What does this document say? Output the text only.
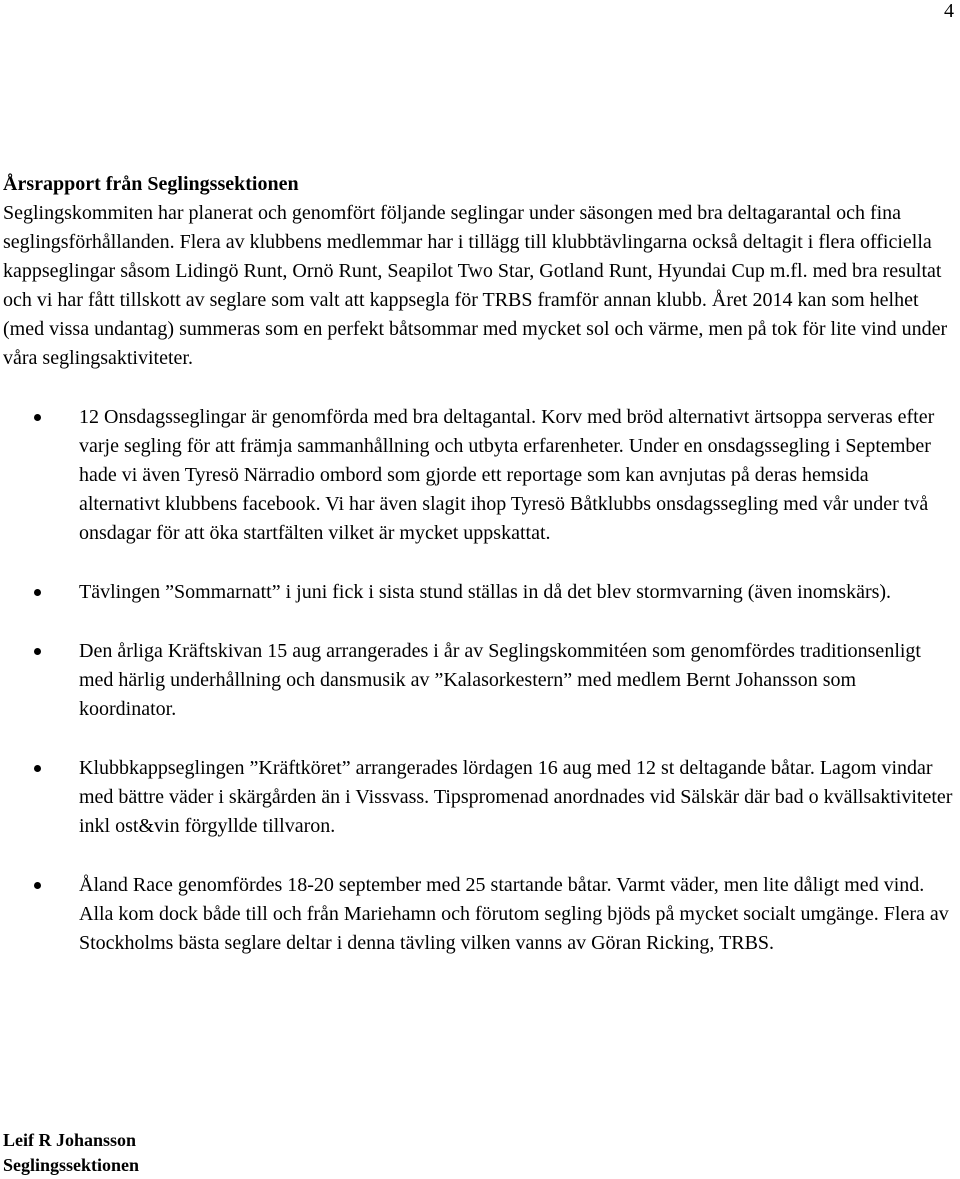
4

Årsrapport från Seglingssektionen

Seglingskommiten har planerat och genomfört följande seglingar under säsongen med bra deltagarantal och fina seglingsförhållanden. Flera av klubbens medlemmar har i tillägg till klubbtävlingarna också deltagit i flera officiella kappseglingar såsom Lidingö Runt, Ornö Runt, Seapilot Two Star, Gotland Runt, Hyundai Cup m.fl. med bra resultat och vi har fått tillskott av seglare som valt att kappsegla för TRBS framför annan klubb. Året 2014 kan som helhet (med vissa undantag) summeras som en perfekt båtsommar med mycket sol och värme, men på tok för lite vind under våra seglingsaktiviteter.

12 Onsdagsseglingar är genomförda med bra deltagantal. Korv med bröd alternativt ärtsoppa serveras efter varje segling för att främja sammanhållning och utbyta erfarenheter. Under en onsdagssegling i September hade vi även Tyresö Närradio ombord som gjorde ett reportage som kan avnjutas på deras hemsida alternativt klubbens facebook. Vi har även slagit ihop Tyresö Båtklubbs onsdagssegling med vår under två onsdagar för att öka startfälten vilket är mycket uppskattat.
Tävlingen ”Sommarnatt” i juni fick i sista stund ställas in då det blev stormvarning (även inomskärs).
Den årliga Kräftskivan 15 aug arrangerades i år av Seglingskommitéen som genomfördes traditionsenligt med härlig underhållning och dansmusik av ”Kalasorkestern” med medlem Bernt Johansson som koordinator.
Klubbkappseglingen ”Kräftköret” arrangerades lördagen 16 aug med 12 st deltagande båtar. Lagom vindar med bättre väder i skärgården än i Vissvass. Tipspromenad anordnades vid Sälskär där bad o kvällsaktiviteter inkl ost&vin förgyllde tillvaron.
Åland Race genomfördes 18-20 september med 25 startande båtar. Varmt väder, men lite dåligt med vind. Alla kom dock både till och från Mariehamn och förutom segling bjöds på mycket socialt umgänge. Flera av Stockholms bästa seglare deltar i denna tävling vilken vanns av Göran Ricking, TRBS.
Leif R Johansson
Seglingssektionen
